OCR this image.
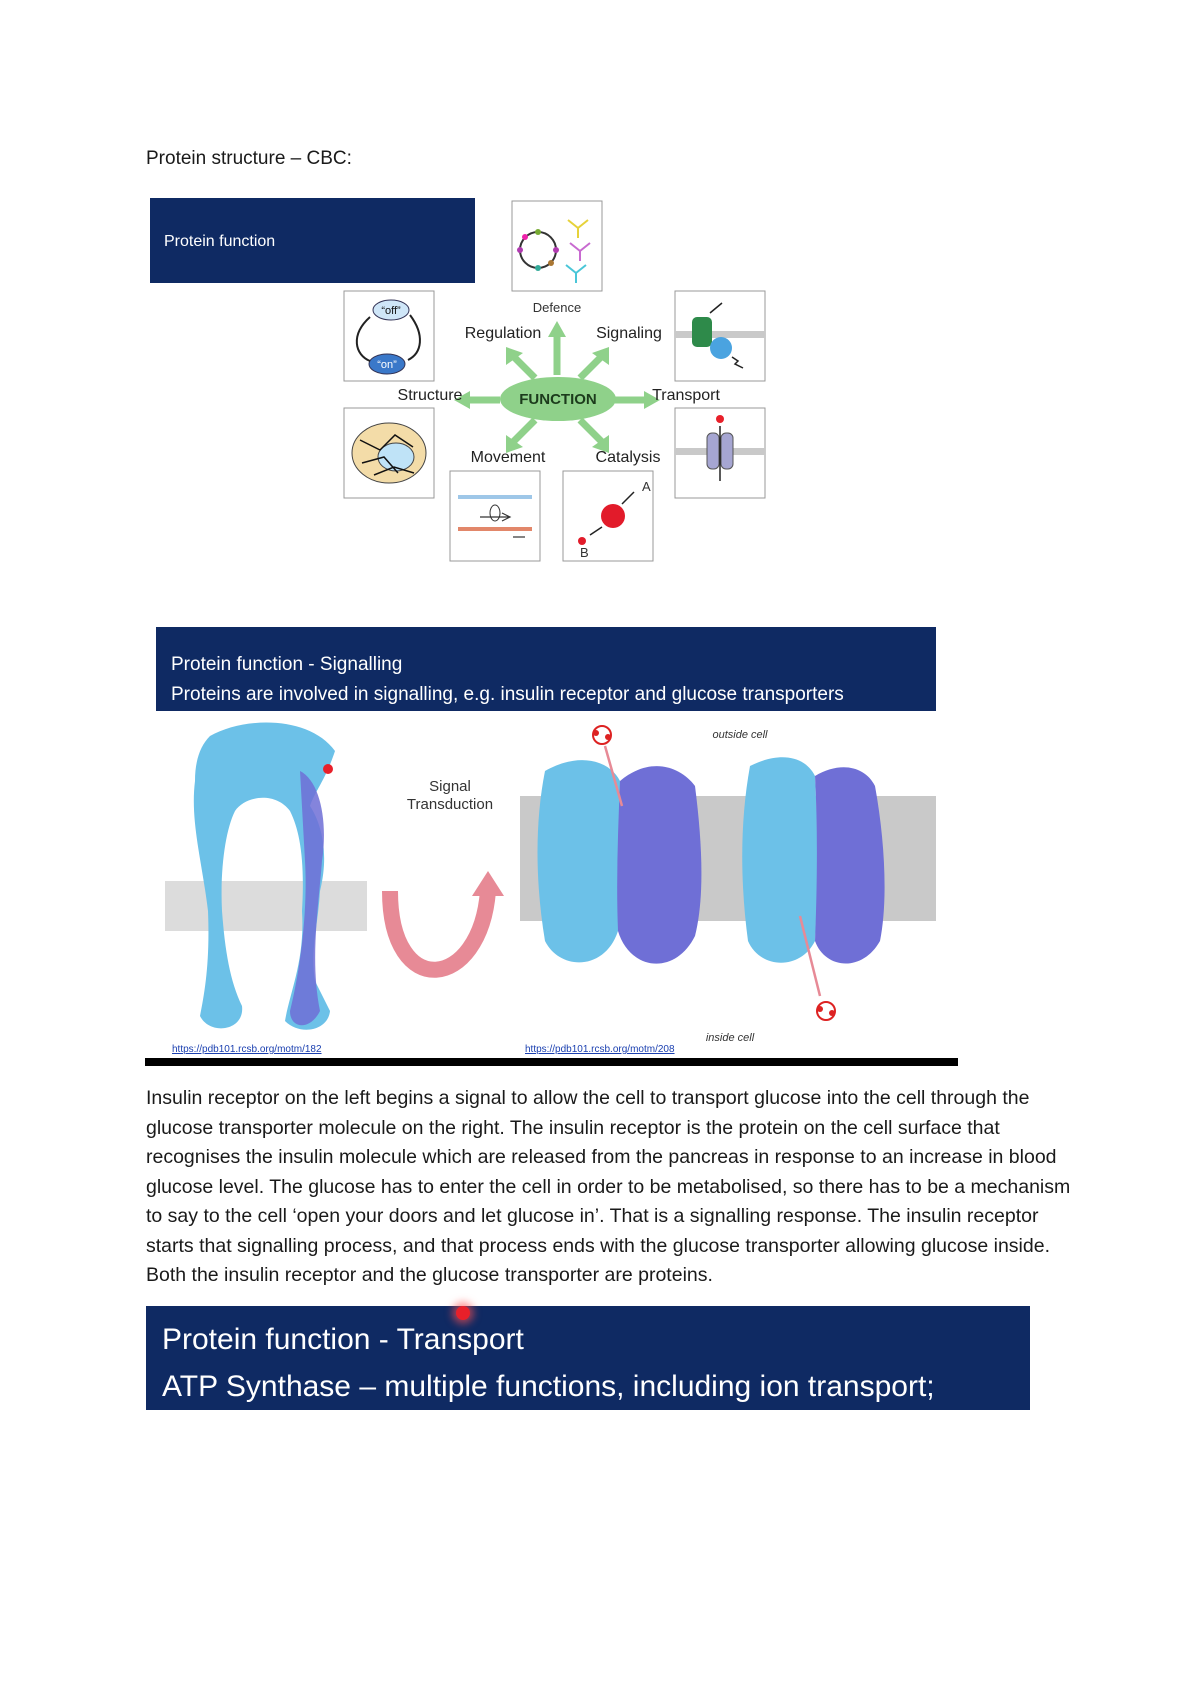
Protein structure – CBC:
Protein function
Defence
“off”
“on”
A
B
FUNCTION
Regulation	Signaling
Structure	Transport
Movement	Catalysis
Protein function - Signalling
Proteins are involved in signalling, e.g. insulin receptor and glucose transporters
Signal
Transduction
outside cell
inside cell
https://pdb101.rcsb.org/motm/182	https://pdb101.rcsb.org/motm/208
Insulin receptor on the left begins a signal to allow the cell to transport glucose into the cell through the glucose transporter molecule on the right. The insulin receptor is the protein on the cell surface that recognises the insulin molecule which are released from the pancreas in response to an increase in blood glucose level. The glucose has to enter the cell in order to be metabolised, so there has to be a mechanism to say to the cell ‘open your doors and let glucose in’. That is a signalling response. The insulin receptor starts that signalling process, and that process ends with the glucose transporter allowing glucose inside. Both the insulin receptor and the glucose transporter are proteins.
Protein function - Transport
ATP Synthase – multiple functions, including ion transport;
